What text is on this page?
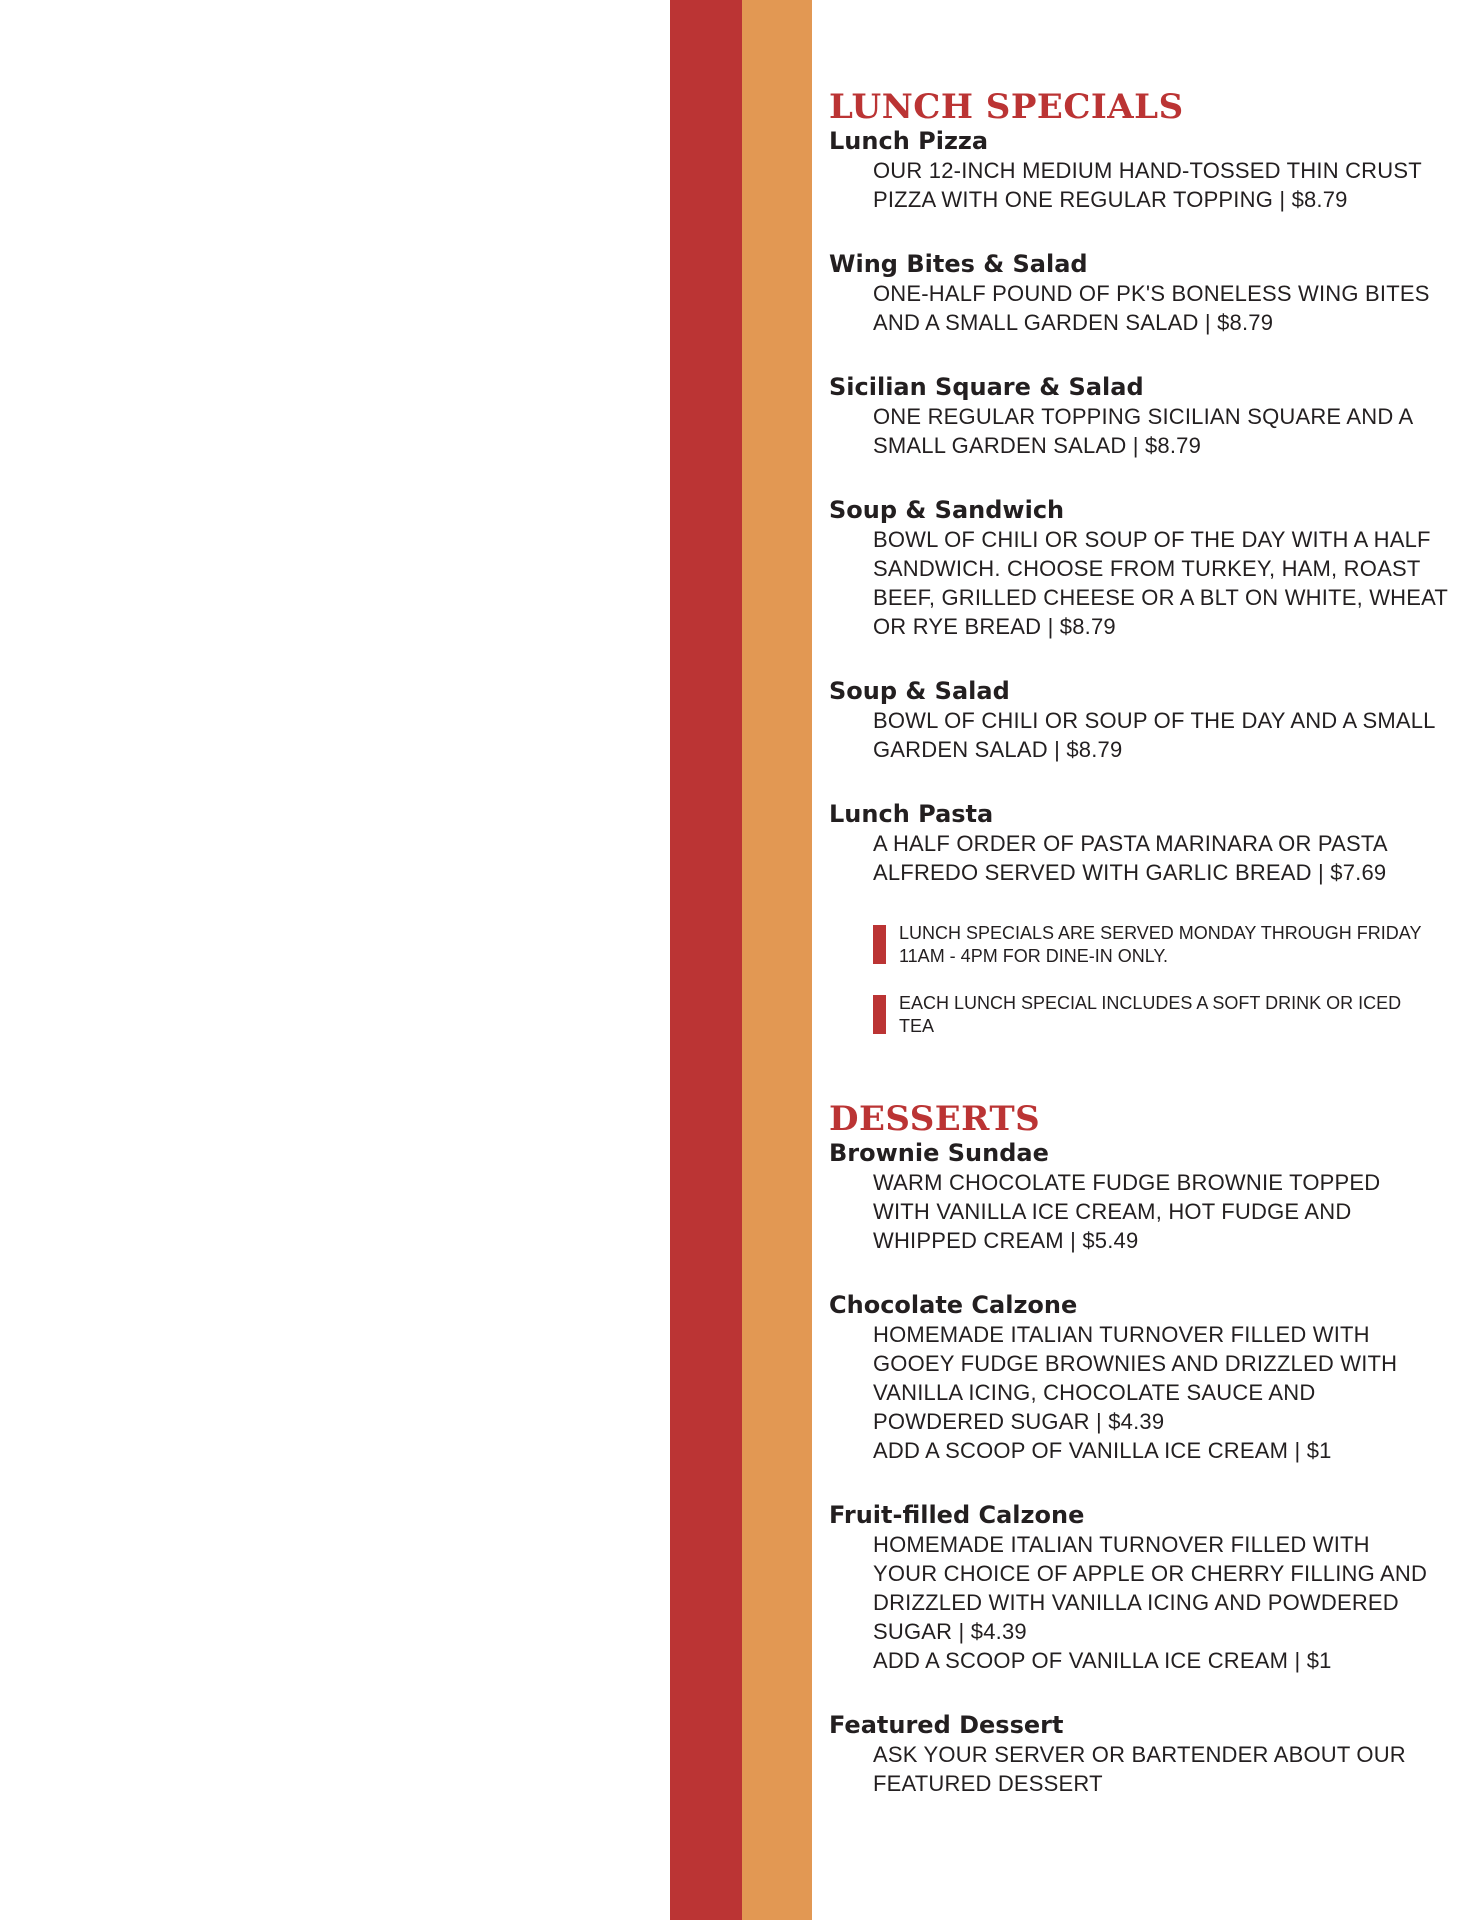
LUNCH SPECIALS
Lunch Pizza
OUR 12-INCH MEDIUM HAND-TOSSED THIN CRUST
PIZZA WITH ONE REGULAR TOPPING | $8.79
Wing Bites & Salad
ONE-HALF POUND OF PK'S BONELESS WING BITES
AND A SMALL GARDEN SALAD | $8.79
Sicilian Square & Salad
ONE REGULAR TOPPING SICILIAN SQUARE AND A
SMALL GARDEN SALAD | $8.79
Soup & Sandwich
BOWL OF CHILI OR SOUP OF THE DAY WITH A HALF
SANDWICH. CHOOSE FROM TURKEY, HAM, ROAST
BEEF, GRILLED CHEESE OR A BLT ON WHITE, WHEAT
OR RYE BREAD | $8.79
Soup & Salad
BOWL OF CHILI OR SOUP OF THE DAY AND A SMALL
GARDEN SALAD | $8.79
Lunch Pasta
A HALF ORDER OF PASTA MARINARA OR PASTA
ALFREDO SERVED WITH GARLIC BREAD | $7.69
LUNCH SPECIALS ARE SERVED MONDAY THROUGH FRIDAY
11AM - 4PM FOR DINE-IN ONLY.
EACH LUNCH SPECIAL INCLUDES A SOFT DRINK OR ICED
TEA
DESSERTS
Brownie Sundae
WARM CHOCOLATE FUDGE BROWNIE TOPPED
WITH VANILLA ICE CREAM, HOT FUDGE AND
WHIPPED CREAM | $5.49
Chocolate Calzone
HOMEMADE ITALIAN TURNOVER FILLED WITH
GOOEY FUDGE BROWNIES AND DRIZZLED WITH
VANILLA ICING, CHOCOLATE SAUCE AND
POWDERED SUGAR | $4.39
ADD A SCOOP OF VANILLA ICE CREAM | $1
Fruit-filled Calzone
HOMEMADE ITALIAN TURNOVER FILLED WITH
YOUR CHOICE OF APPLE OR CHERRY FILLING AND
DRIZZLED WITH VANILLA ICING AND POWDERED
SUGAR | $4.39
ADD A SCOOP OF VANILLA ICE CREAM | $1
Featured Dessert
ASK YOUR SERVER OR BARTENDER ABOUT OUR
FEATURED DESSERT
